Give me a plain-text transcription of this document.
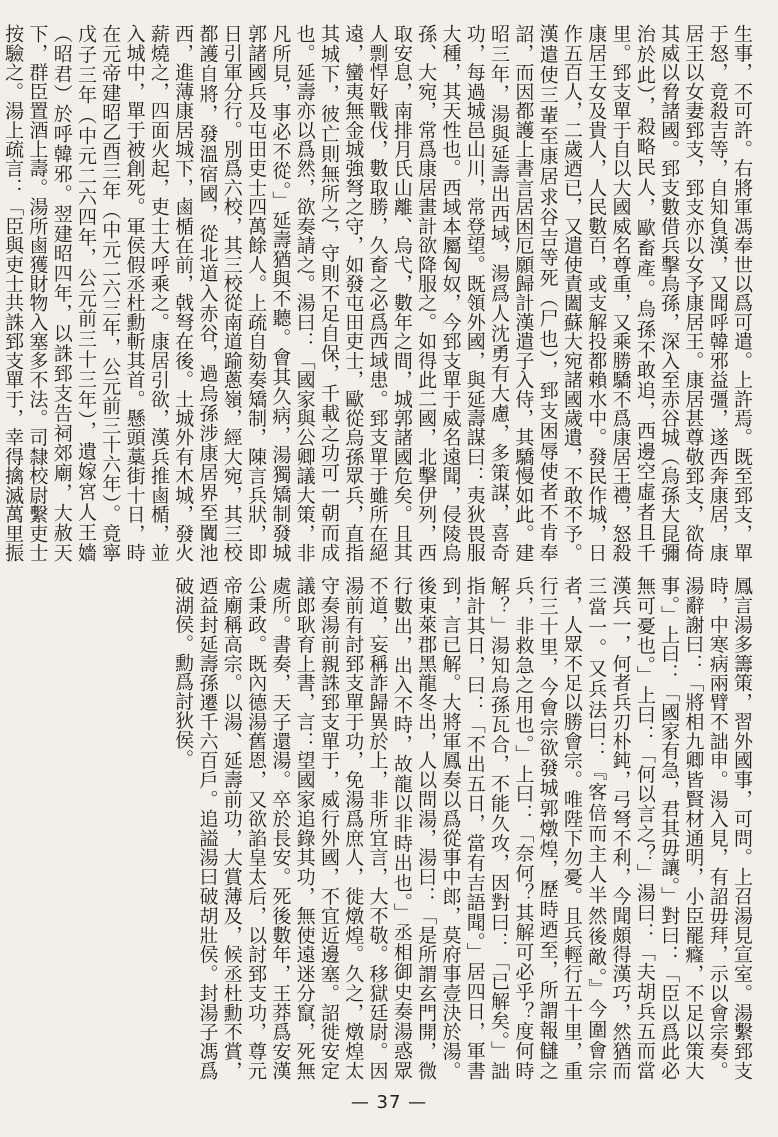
生事，不可許。右將軍馮奉世以爲可遣。上許焉。既至郅支，單于怒，竟殺吉等，自知負漢，又聞呼韓邪益彊，遂西奔康居，康居王以女妻郅支，郅支亦以女予康居王。康居甚尊敬郅支，欲倚其威以脅諸國。郅支數借兵擊烏孫，深入至赤谷城（烏孫大昆彌治於此），殺略民人，歐畜產。烏孫不敢追，西邊空虛者且千里。郅支單于自以大國威名尊重，又乘勝驕不爲康居王禮，怒殺康居王女及貴人，人民數百，或支解投都賴水中。發民作城，日作五百人，二歲迺已，又遣使責闔蘇大宛諸國歲遺，不敢不予。漢遣使三輩至康居求谷吉等死（尸也），郅支困辱使者不肯奉詔，而因都護上書言居困厄願歸計漢遣子入侍，其驕慢如此。建昭三年，湯與延壽出西域，湯爲人沈勇有大慮，多策謀，喜奇功，每過城邑山川，常登望。既領外國，與延壽謀曰：夷狄畏服大種，其天性也。西域本屬匈奴，今郅支單于威名遠聞，侵陵烏孫、大宛，常爲康居畫計欲降服之。如得此二國，北擊伊列，西取安息，南排月氏山離、烏弋，數年之間，城郭諸國危矣。且其人剽悍好戰伐，數取勝，久畜之必爲西域患。郅支單于雖所在絕遠，蠻夷無金城強弩之守，如發屯田吏士，歐從烏孫眾兵，直指其城下，彼亡則無所之，守則不足自保，千載之功可一朝而成也。延壽亦以爲然，欲奏請之。湯曰：「國家與公卿議大策，非凡所見，事必不從。」延壽猶與不聽。會其久病，湯獨矯制發城郭諸國兵及屯田吏士四萬餘人。上疏自劾奏矯制，陳言兵狀，即日引軍分行。別爲六校，其三校從南道踰蔥嶺，經大宛，其三校都護自將，發溫宿國，從北道入赤谷，過烏孫涉康居界至闐池西，進薄康居城下，鹵楯在前，戟弩在後。土城外有木城，發火薪燒之，四面火起，吏士大呼乘之。康居引欲，漢兵推鹵楯，並入城中，單于被創死。軍侯假丞杜勳斬其首。懸頭藁街十日，時在元帝建昭乙酉三年（中元二六三年，公元前三十六年）。竟寧戊子三年（中元二六四年，公元前三十三年），遺嫁宮人王嬙（昭君）於呼韓邪。翌建昭四年，以誅郅支告祠郊廟，大赦天下，群臣置酒上壽。湯所鹵獲財物入塞多不法。司隸校尉繫吏士按驗之。湯上疏言：「臣與吏士共誅郅支單于，幸得擒滅萬里振
鳳言湯多籌策，習外國事，可問。上召湯見宣室。湯繫郅支時，中寒病兩臂不詘申。湯入見，有詔毋拜，示以會宗奏。湯辭謝曰：「將相九卿皆賢材通明，小臣罷癃，不足以策大事。」上曰：「國家有急，君其毋讓。」對曰：「臣以爲此必無可憂也。」上曰：「何以言之？」湯曰：「夫胡兵五而當漢兵一，何者兵刃朴鈍，弓弩不利，今聞頗得漢巧，然猶而三當一。又兵法曰：『客倍而主人半然後敵。』今圍會宗者，人眾不足以勝會宗。唯陛下勿憂。且兵輕行五十里，重行三十里，今會宗欲發城郭燉煌，歷時迺至，所謂報讎之兵，非救急之用也。」上曰：「奈何？其解可必乎？度何時解？」湯知烏孫瓦合，不能久攻，因對曰：「已解矣。」詘指計其日，曰：「不出五日，當有吉語聞。」居四日，軍書到，言已解。大將軍鳳奏以爲從事中郎，莫府事壹決於湯。後東萊郡黑龍冬出，人以問湯，湯曰：「是所謂玄門開，微行數出，出入不時，故龍以非時出也。」丞相御史奏湯惑眾不道，妄稱詐歸異於上，非所宜言，大不敬。移獄廷尉。因湯前有討郅支單于功，免湯爲庶人，徙燉煌。久之，燉煌太守奏湯前親誅郅支單于，威行外國，不宜近邊塞。詔徙安定議郎耿育上書，言：望國家追錄其功，無使遠迷分竄，死無處所。書奏，天子還湯。卒於長安。死後數年，王莽爲安漢公秉政。既內德湯舊恩，又欲諂皇太后，以討郅支功，尊元帝廟稱高宗。以湯、延壽前功，大賞薄及，候丞杜勳不賞，迺益封延壽孫遷千六百戶。追謚湯曰破胡壯侯。封湯子馮爲破湖侯。勳爲討狄侯。
— 37 —
